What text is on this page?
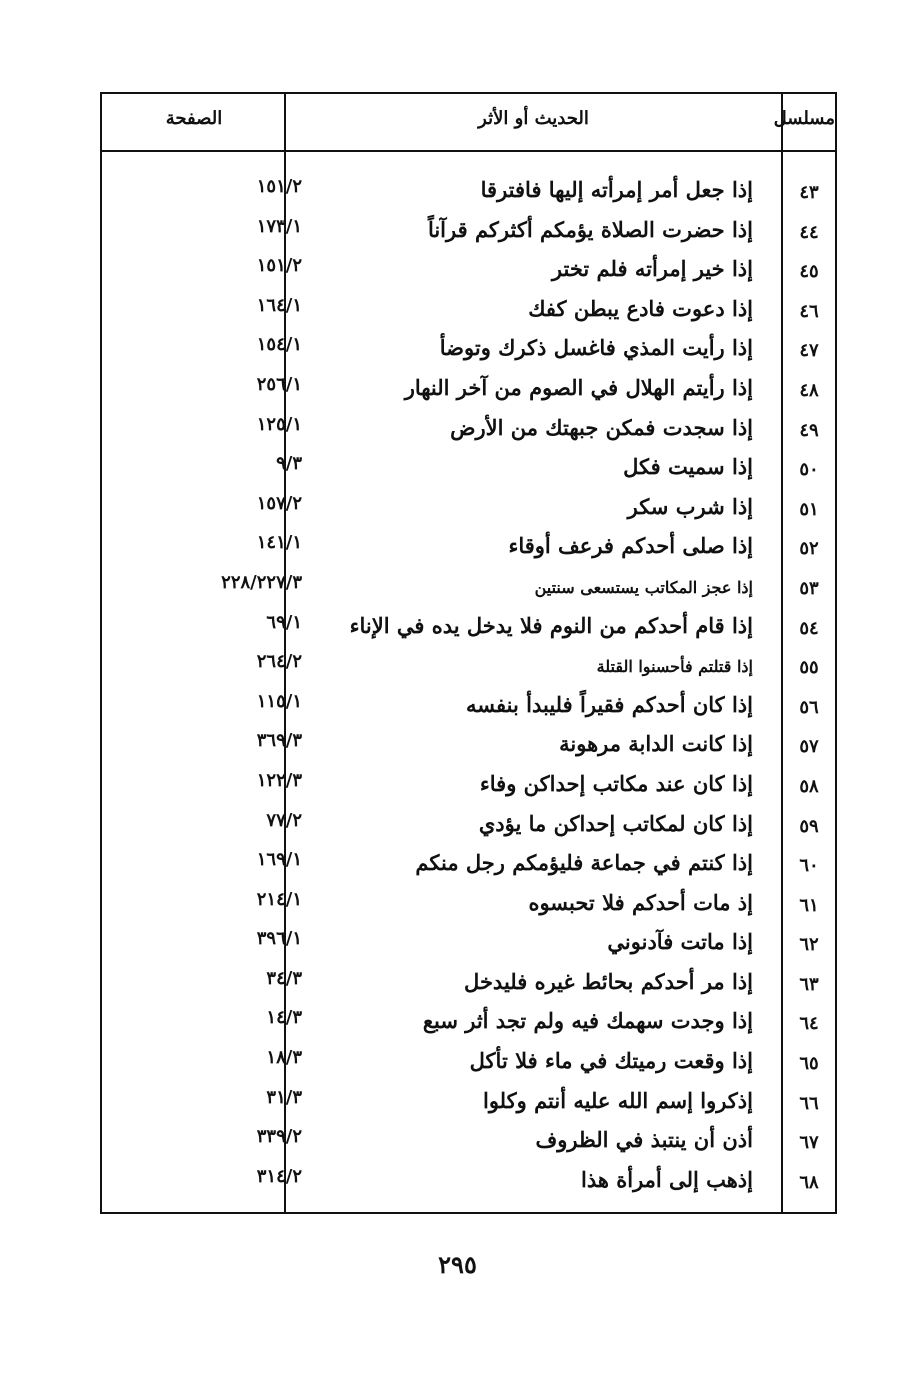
مسلسل
الحديث أو الأثر
الصفحة
٤٣
إذا جعل أمر إمرأته إليها فافترقا
١٥١/٢
٤٤
إذا حضرت الصلاة يؤمكم أكثركم قرآناً
١٧٣/١
٤٥
إذا خير إمرأته فلم تختر
١٥١/٢
٤٦
إذا دعوت فادع يبطن كفك
١٦٤/١
٤٧
إذا رأيت المذي فاغسل ذكرك وتوضأ
١٥٤/١
٤٨
إذا رأيتم الهلال في الصوم من آخر النهار
٢٥٦/١
٤٩
إذا سجدت فمكن جبهتك من الأرض
١٢٥/١
٥٠
إذا سميت فكل
٩/٣
٥١
إذا شرب سكر
١٥٧/٢
٥٢
إذا صلى أحدكم فرعف أوقاء
١٤١/١
٥٣
إذا عجز المكاتب يستسعى سنتين
٢٢٨/٢٢٧/٣
٥٤
إذا قام أحدكم من النوم فلا يدخل يده في الإناء
٦٩/١
٥٥
إذا قتلتم فأحسنوا القتلة
٢٦٤/٢
٥٦
إذا كان أحدكم فقيراً فليبدأ بنفسه
١١٥/١
٥٧
إذا كانت الدابة مرهونة
٣٦٩/٣
٥٨
إذا كان عند مكاتب إحداكن وفاء
١٢٢/٣
٥٩
إذا كان لمكاتب إحداكن ما يؤدي
٧٧/٢
٦٠
إذا كنتم في جماعة فليؤمكم رجل منكم
١٦٩/١
٦١
إذ مات أحدكم فلا تحبسوه
٢١٤/١
٦٢
إذا ماتت فآدنوني
٣٩٦/١
٦٣
إذا مر أحدكم بحائط غيره فليدخل
٣٤/٣
٦٤
إذا وجدت سهمك فيه ولم تجد أثر سبع
١٤/٣
٦٥
إذا وقعت رميتك في ماء فلا تأكل
١٨/٣
٦٦
إذكروا إسم الله عليه أنتم وكلوا
٣١/٣
٦٧
أذن أن ينتبذ في الظروف
٣٣٩/٢
٦٨
إذهب إلى أمرأة هذا
٣١٤/٢
٢٩٥
